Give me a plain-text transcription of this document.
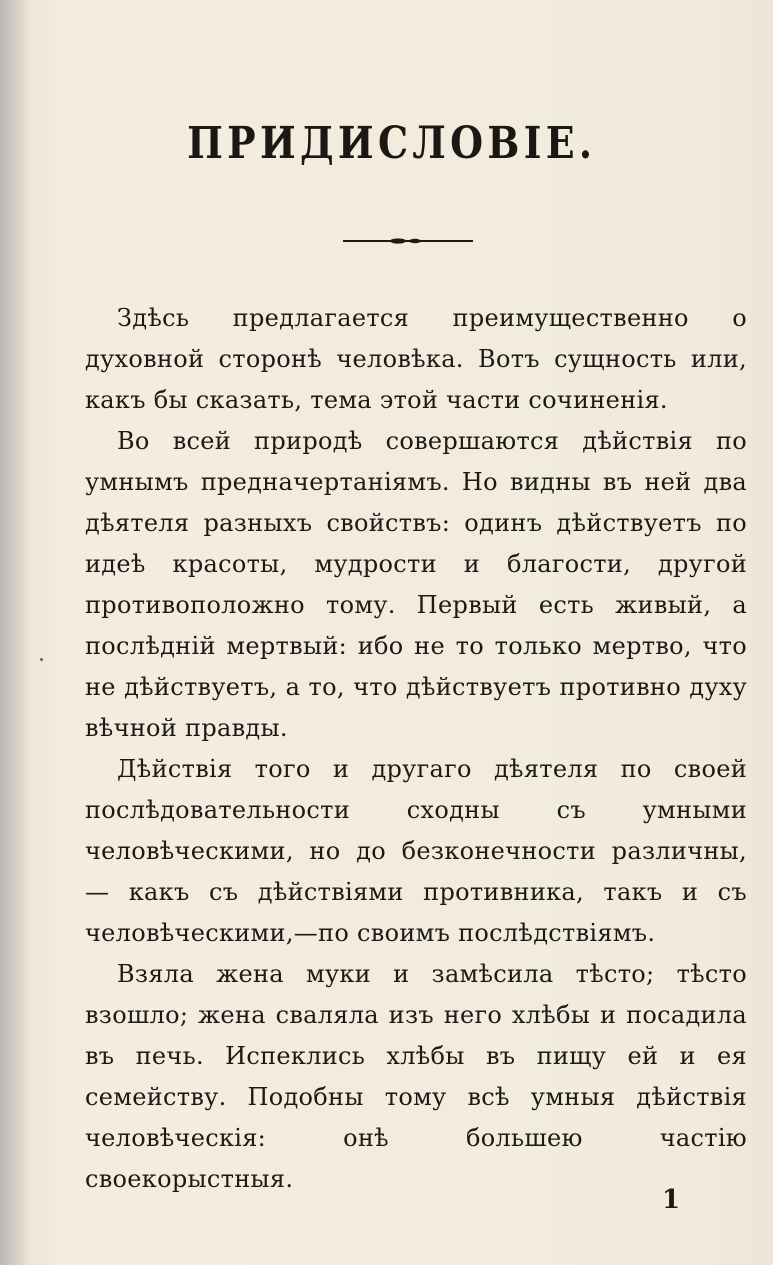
ПРИДИСЛОВІЕ.

Здѣсь предлагается преимущественно о духовной сторонѣ человѣка. Вотъ сущность или, какъ бы сказать, тема этой части сочиненія.

Во всей природѣ совершаются дѣйствія по умнымъ предначертаніямъ. Но видны въ ней два дѣятеля разныхъ свойствъ: одинъ дѣйствуетъ по идеѣ красоты, мудрости и благости, другой противоположно тому. Первый есть живый, а послѣдній мертвый: ибо не то только мертво, что не дѣйствуетъ, а то, что дѣйствуетъ противно духу вѣчной правды.

Дѣйствія того и другаго дѣятеля по своей послѣдовательности сходны съ умными человѣческими, но до безконечности различны, — какъ съ дѣйствіями противника, такъ и съ человѣческими,—по своимъ послѣдствіямъ.

Взяла жена муки и замѣсила тѣсто; тѣсто взошло; жена сваляла изъ него хлѣбы и посадила въ печь. Испеклись хлѣбы въ пищу ей и ея семейству. Подобны тому всѣ умныя дѣйствія человѣческія: онѣ большею частію своекорыстныя.

1
